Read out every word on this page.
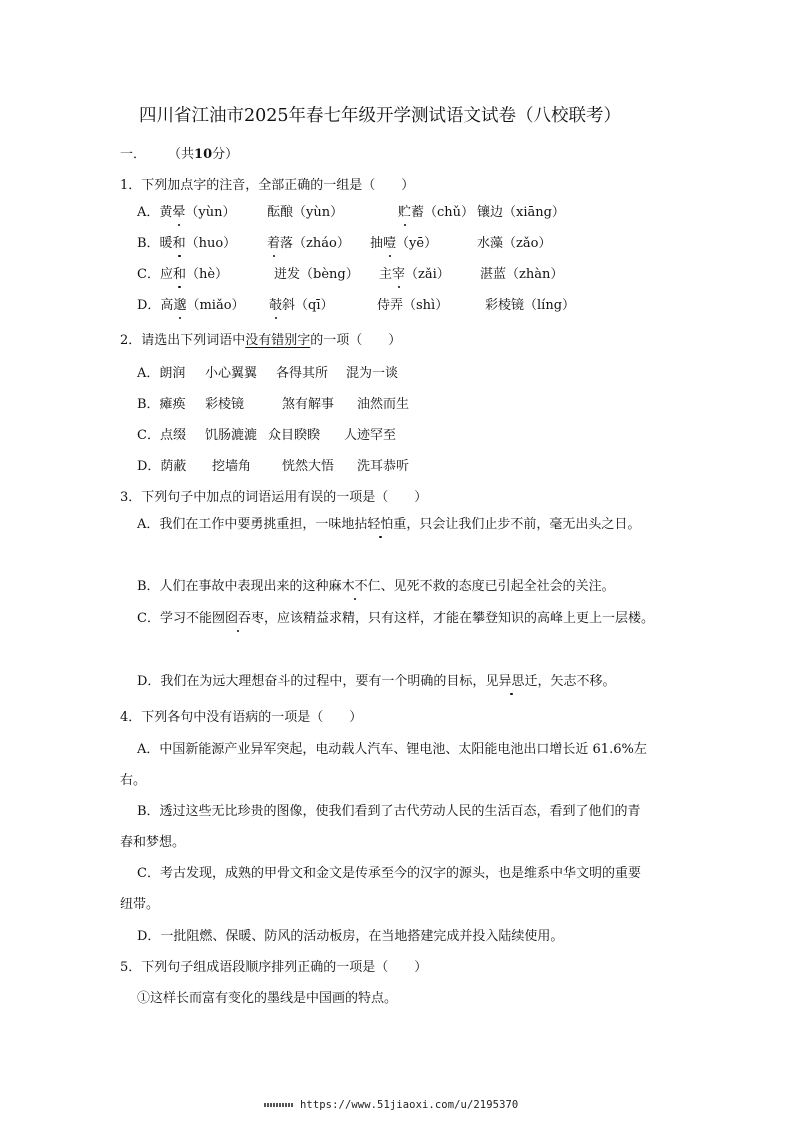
四川省江油市2025年春七年级开学测试语文试卷（八校联考）
一． （共10分）
1．下列加点字的注音，全部正确的一组是（　　）
A．黄晕（yùn） 酝酿（yùn）	贮蓄（chǔ） 镶边（xiāng）
B．暖和（huo） 着落（zháo） 抽噎（yē）	水藻（zǎo）
C．应和（hè）	迸发（bèng） 主宰（zǎi） 湛蓝（zhàn）
D．高邈（miǎo） 攲斜（qī）	侍弄（shì）	彩棱镜（líng）
2．请选出下列词语中没有错别字的一项（　　）
A．朗润 小心翼翼 各得其所 混为一谈
B．瘫痪 彩棱镜	煞有解事 油然而生
C．点缀 饥肠漉漉 众目睽睽 人迹罕至
D．荫蔽 挖墙角 恍然大悟 洗耳恭听
3．下列句子中加点的词语运用有误的一项是（　　）
A．我们在工作中要勇挑重担，一味地拈轻怕重，只会让我们止步不前，毫无出头之日。
B．人们在事故中表现出来的这种麻木不仁、见死不救的态度已引起全社会的关注。
C．学习不能囫囵吞枣，应该精益求精，只有这样，才能在攀登知识的高峰上更上一层楼。
D．我们在为远大理想奋斗的过程中，要有一个明确的目标，见异思迁，矢志不移。
4．下列各句中没有语病的一项是（　　）
A．中国新能源产业异军突起，电动载人汽车、锂电池、太阳能电池出口增长近 61.6%左
右。
B．透过这些无比珍贵的图像，使我们看到了古代劳动人民的生活百态，看到了他们的青
春和梦想。
C．考古发现，成熟的甲骨文和金文是传承至今的汉字的源头，也是维系中华文明的重要
纽带。
D．一批阻燃、保暖、防风的活动板房，在当地搭建完成并投入陆续使用。
5．下列句子组成语段顺序排列正确的一项是（　　）
①这样长而富有变化的墨线是中国画的特点。
https://www.51jiaoxi.com/u/2195370
